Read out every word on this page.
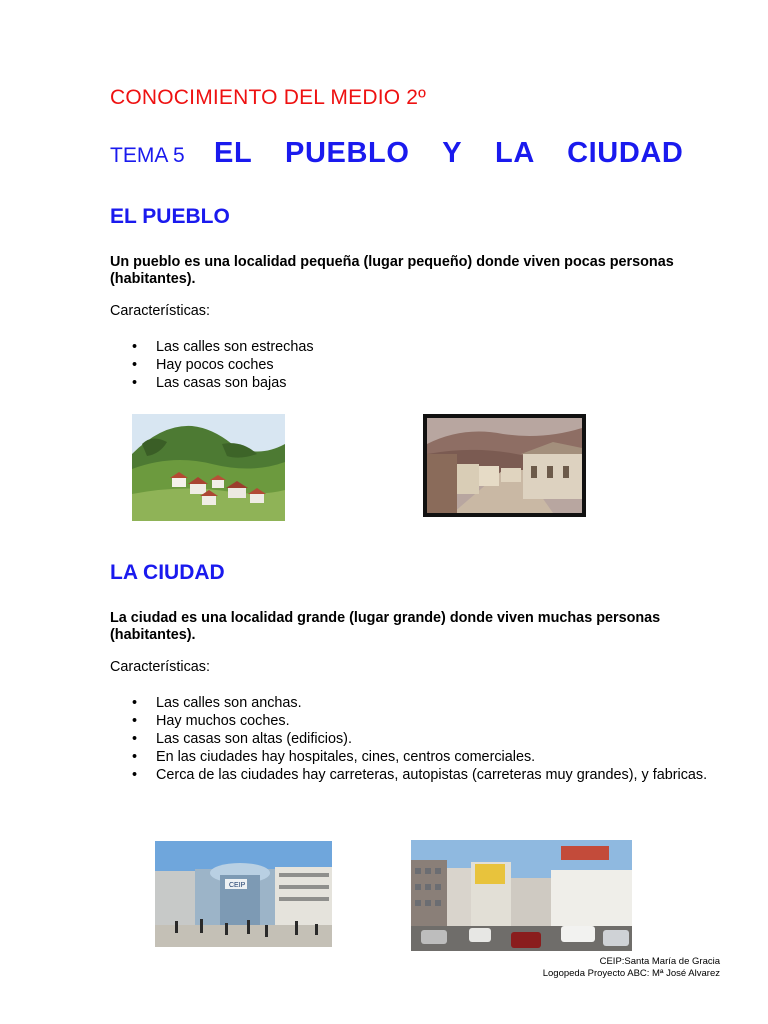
CONOCIMIENTO DEL MEDIO 2º
TEMA 5 EL  PUEBLO  Y  LA  CIUDAD
EL PUEBLO
Un pueblo es una localidad pequeña (lugar pequeño) donde viven pocas personas (habitantes).
Características:
• Las calles son estrechas
• Hay pocos coches
• Las casas son bajas
LA CIUDAD
La ciudad es una localidad grande (lugar grande) donde viven muchas personas (habitantes).
Características:
• Las calles son anchas.
• Hay muchos coches.
• Las casas son altas (edificios).
• En las ciudades hay hospitales, cines, centros comerciales.
• Cerca de las ciudades hay carreteras, autopistas (carreteras muy grandes), y fabricas.
CEIP
CEIP:Santa María de Gracia
Logopeda Proyecto ABC: Mª José Alvarez
